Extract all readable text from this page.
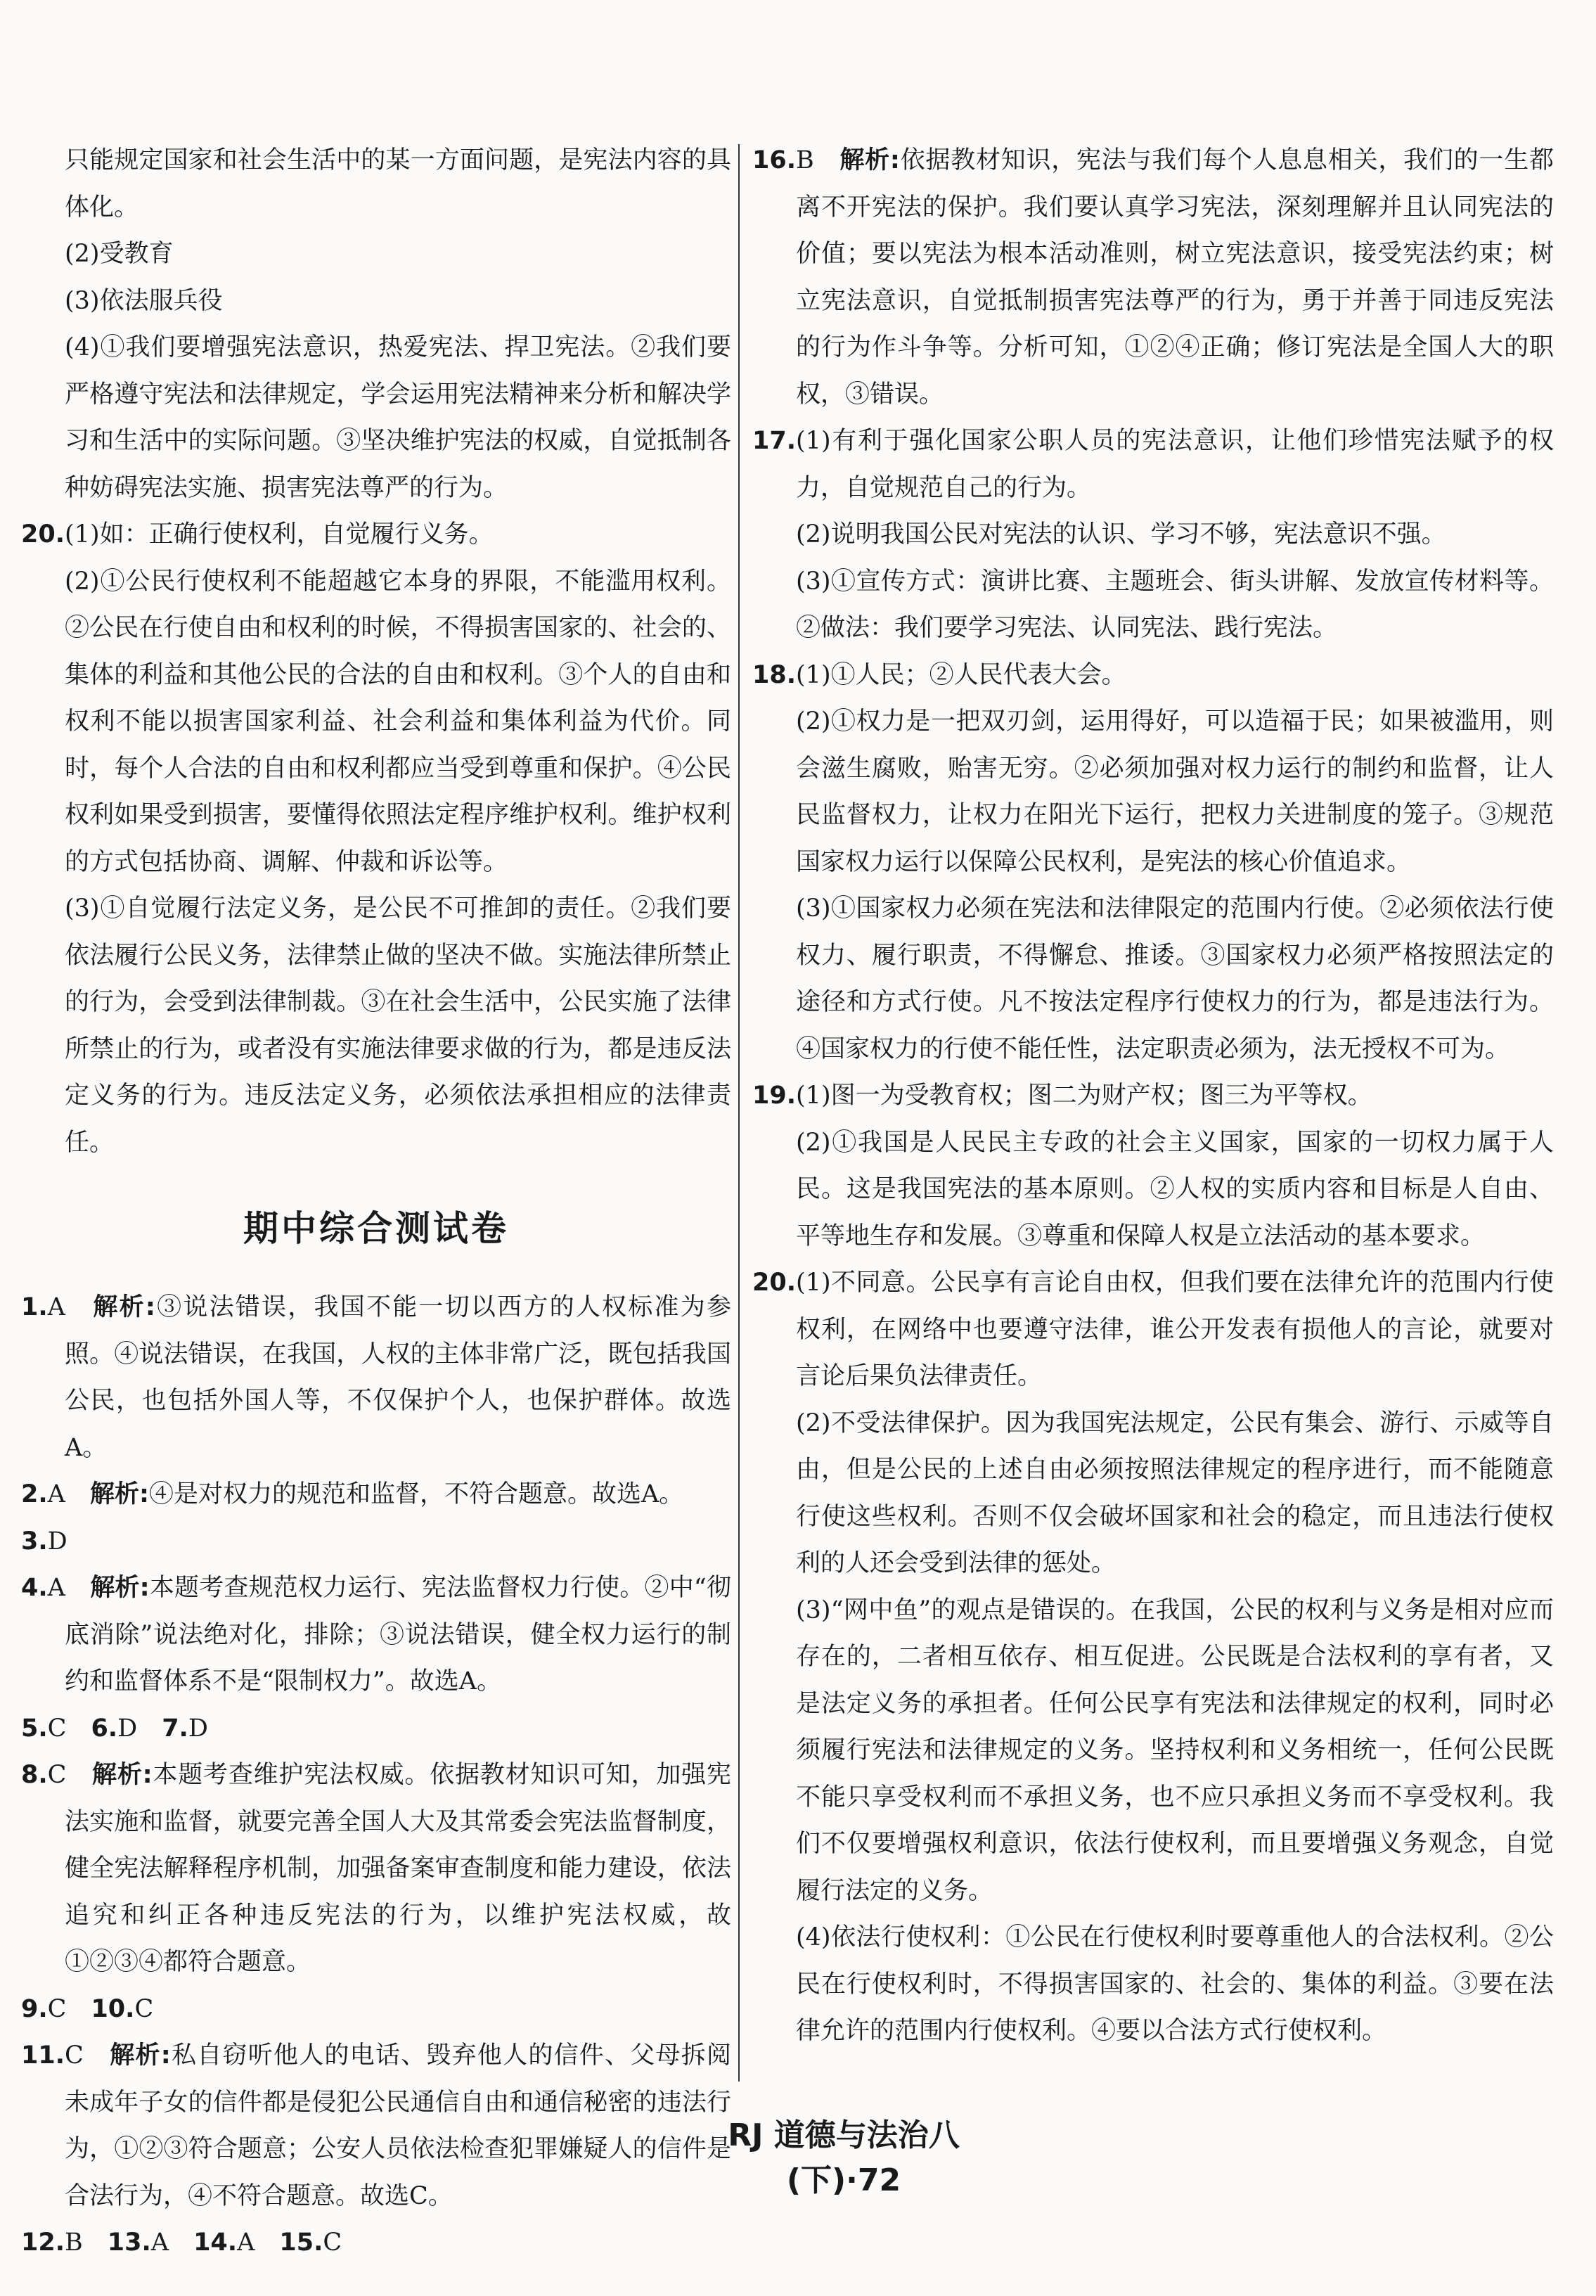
只能规定国家和社会生活中的某一方面问题，是宪法内容的具体化。

(2)受教育

(3)依法服兵役

(4)①我们要增强宪法意识，热爱宪法、捍卫宪法。②我们要严格遵守宪法和法律规定，学会运用宪法精神来分析和解决学习和生活中的实际问题。③坚决维护宪法的权威，自觉抵制各种妨碍宪法实施、损害宪法尊严的行为。

20.(1)如：正确行使权利，自觉履行义务。

(2)①公民行使权利不能超越它本身的界限，不能滥用权利。②公民在行使自由和权利的时候，不得损害国家的、社会的、集体的利益和其他公民的合法的自由和权利。③个人的自由和权利不能以损害国家利益、社会利益和集体利益为代价。同时，每个人合法的自由和权利都应当受到尊重和保护。④公民权利如果受到损害，要懂得依照法定程序维护权利。维护权利的方式包括协商、调解、仲裁和诉讼等。

(3)①自觉履行法定义务，是公民不可推卸的责任。②我们要依法履行公民义务，法律禁止做的坚决不做。实施法律所禁止的行为，会受到法律制裁。③在社会生活中，公民实施了法律所禁止的行为，或者没有实施法律要求做的行为，都是违反法定义务的行为。违反法定义务，必须依法承担相应的法律责任。

期中综合测试卷

1.A　 解析:③说法错误，我国不能一切以西方的人权标准为参照。④说法错误，在我国，人权的主体非常广泛，既包括我国公民，也包括外国人等，不仅保护个人，也保护群体。故选A。

2.A　 解析:④是对权力的规范和监督，不符合题意。故选A。

3.D

4.A　 解析:本题考查规范权力运行、宪法监督权力行使。②中“彻底消除”说法绝对化，排除；③说法错误，健全权力运行的制约和监督体系不是“限制权力”。故选A。

5.C　 6.D　 7.D

8.C　 解析:本题考查维护宪法权威。依据教材知识可知，加强宪法实施和监督，就要完善全国人大及其常委会宪法监督制度，健全宪法解释程序机制，加强备案审查制度和能力建设，依法追究和纠正各种违反宪法的行为，以维护宪法权威，故①②③④都符合题意。

9.C　 10.C

11.C　 解析:私自窃听他人的电话、毁弃他人的信件、父母拆阅未成年子女的信件都是侵犯公民通信自由和通信秘密的违法行为，①②③符合题意；公安人员依法检查犯罪嫌疑人的信件是合法行为，④不符合题意。故选C。

12.B　 13.A　 14.A　 15.C

16.B　 解析:依据教材知识，宪法与我们每个人息息相关，我们的一生都离不开宪法的保护。我们要认真学习宪法，深刻理解并且认同宪法的价值；要以宪法为根本活动准则，树立宪法意识，接受宪法约束；树立宪法意识，自觉抵制损害宪法尊严的行为，勇于并善于同违反宪法的行为作斗争等。分析可知，①②④正确；修订宪法是全国人大的职权，③错误。

17.(1)有利于强化国家公职人员的宪法意识，让他们珍惜宪法赋予的权力，自觉规范自己的行为。

(2)说明我国公民对宪法的认识、学习不够，宪法意识不强。

(3)①宣传方式：演讲比赛、主题班会、街头讲解、发放宣传材料等。②做法：我们要学习宪法、认同宪法、践行宪法。

18.(1)①人民；②人民代表大会。

(2)①权力是一把双刃剑，运用得好，可以造福于民；如果被滥用，则会滋生腐败，贻害无穷。②必须加强对权力运行的制约和监督，让人民监督权力，让权力在阳光下运行，把权力关进制度的笼子。③规范国家权力运行以保障公民权利，是宪法的核心价值追求。

(3)①国家权力必须在宪法和法律限定的范围内行使。②必须依法行使权力、履行职责，不得懈怠、推诿。③国家权力必须严格按照法定的途径和方式行使。凡不按法定程序行使权力的行为，都是违法行为。④国家权力的行使不能任性，法定职责必须为，法无授权不可为。

19.(1)图一为受教育权；图二为财产权；图三为平等权。

(2)①我国是人民民主专政的社会主义国家，国家的一切权力属于人民。这是我国宪法的基本原则。②人权的实质内容和目标是人自由、平等地生存和发展。③尊重和保障人权是立法活动的基本要求。

20.(1)不同意。公民享有言论自由权，但我们要在法律允许的范围内行使权利，在网络中也要遵守法律，谁公开发表有损他人的言论，就要对言论后果负法律责任。

(2)不受法律保护。因为我国宪法规定，公民有集会、游行、示威等自由，但是公民的上述自由必须按照法律规定的程序进行，而不能随意行使这些权利。否则不仅会破坏国家和社会的稳定，而且违法行使权利的人还会受到法律的惩处。

(3)“网中鱼”的观点是错误的。在我国，公民的权利与义务是相对应而存在的，二者相互依存、相互促进。公民既是合法权利的享有者，又是法定义务的承担者。任何公民享有宪法和法律规定的权利，同时必须履行宪法和法律规定的义务。坚持权利和义务相统一，任何公民既不能只享受权利而不承担义务，也不应只承担义务而不享受权利。我们不仅要增强权利意识，依法行使权利，而且要增强义务观念，自觉履行法定的义务。

(4)依法行使权利：①公民在行使权利时要尊重他人的合法权利。②公民在行使权利时，不得损害国家的、社会的、集体的利益。③要在法律允许的范围内行使权利。④要以合法方式行使权利。

RJ 道德与法治八(下)·72
